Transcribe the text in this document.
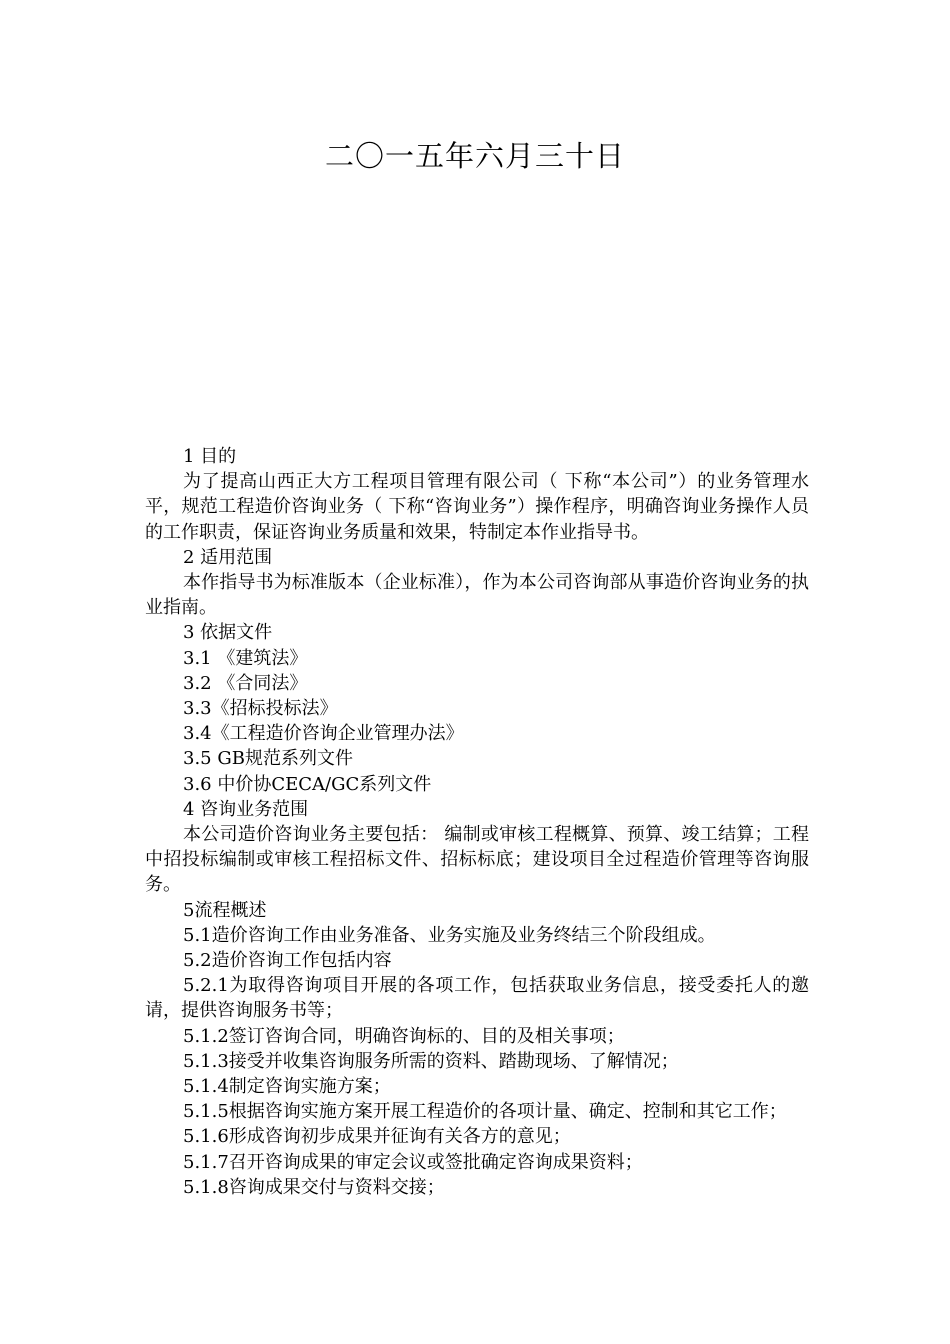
二〇一五年六月三十日

1 目的

为了提高山西正大方工程项目管理有限公司（ 下称“本公司”）的业务管理水平，规范工程造价咨询业务（ 下称“咨询业务”）操作程序，明确咨询业务操作人员的工作职责，保证咨询业务质量和效果，特制定本作业指导书。

2 适用范围

本作指导书为标准版本（企业标准），作为本公司咨询部从事造价咨询业务的执业指南。

3 依据文件

3.1 《建筑法》

3.2 《合同法》

3.3《招标投标法》

3.4《工程造价咨询企业管理办法》

3.5 GB规范系列文件

3.6 中价协CECA/GC系列文件

4 咨询业务范围

本公司造价咨询业务主要包括： 编制或审核工程概算、预算、竣工结算；工程中招投标编制或审核工程招标文件、招标标底；建设项目全过程造价管理等咨询服务。

5流程概述

5.1造价咨询工作由业务准备、业务实施及业务终结三个阶段组成。

5.2造价咨询工作包括内容

5.2.1为取得咨询项目开展的各项工作，包括获取业务信息，接受委托人的邀请，提供咨询服务书等；

5.1.2签订咨询合同，明确咨询标的、目的及相关事项；

5.1.3接受并收集咨询服务所需的资料、踏勘现场、了解情况；

5.1.4制定咨询实施方案；

5.1.5根据咨询实施方案开展工程造价的各项计量、确定、控制和其它工作；

5.1.6形成咨询初步成果并征询有关各方的意见；

5.1.7召开咨询成果的审定会议或签批确定咨询成果资料；

5.1.8咨询成果交付与资料交接；
